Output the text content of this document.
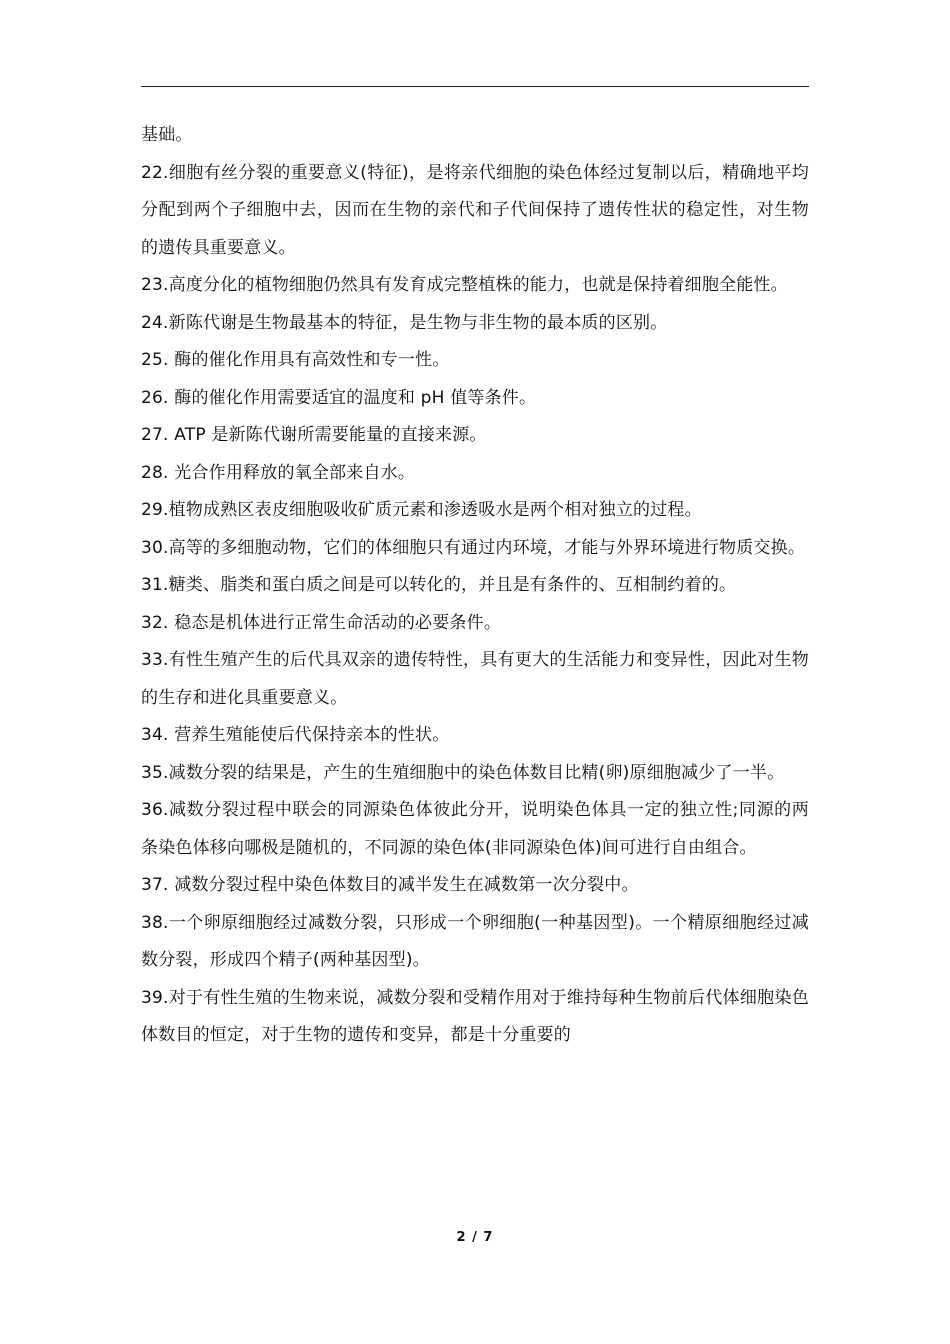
基础。

22.细胞有丝分裂的重要意义(特征)，是将亲代细胞的染色体经过复制以后，精确地平均分配到两个子细胞中去，因而在生物的亲代和子代间保持了遗传性状的稳定性，对生物的遗传具重要意义。

23.高度分化的植物细胞仍然具有发育成完整植株的能力，也就是保持着细胞全能性。

24.新陈代谢是生物最基本的特征，是生物与非生物的最本质的区别。

25. 酶的催化作用具有高效性和专一性。

26. 酶的催化作用需要适宜的温度和 pH 值等条件。

27. ATP 是新陈代谢所需要能量的直接来源。

28. 光合作用释放的氧全部来自水。

29.植物成熟区表皮细胞吸收矿质元素和渗透吸水是两个相对独立的过程。

30.高等的多细胞动物，它们的体细胞只有通过内环境，才能与外界环境进行物质交换。

31.糖类、脂类和蛋白质之间是可以转化的，并且是有条件的、互相制约着的。

32. 稳态是机体进行正常生命活动的必要条件。

33.有性生殖产生的后代具双亲的遗传特性，具有更大的生活能力和变异性，因此对生物的生存和进化具重要意义。

34. 营养生殖能使后代保持亲本的性状。

35.减数分裂的结果是，产生的生殖细胞中的染色体数目比精(卵)原细胞减少了一半。

36.减数分裂过程中联会的同源染色体彼此分开，说明染色体具一定的独立性;同源的两条染色体移向哪极是随机的，不同源的染色体(非同源染色体)间可进行自由组合。

37. 减数分裂过程中染色体数目的减半发生在减数第一次分裂中。

38.一个卵原细胞经过减数分裂，只形成一个卵细胞(一种基因型)。一个精原细胞经过减数分裂，形成四个精子(两种基因型)。

39.对于有性生殖的生物来说，减数分裂和受精作用对于维持每种生物前后代体细胞染色体数目的恒定，对于生物的遗传和变异，都是十分重要的

2 / 7
